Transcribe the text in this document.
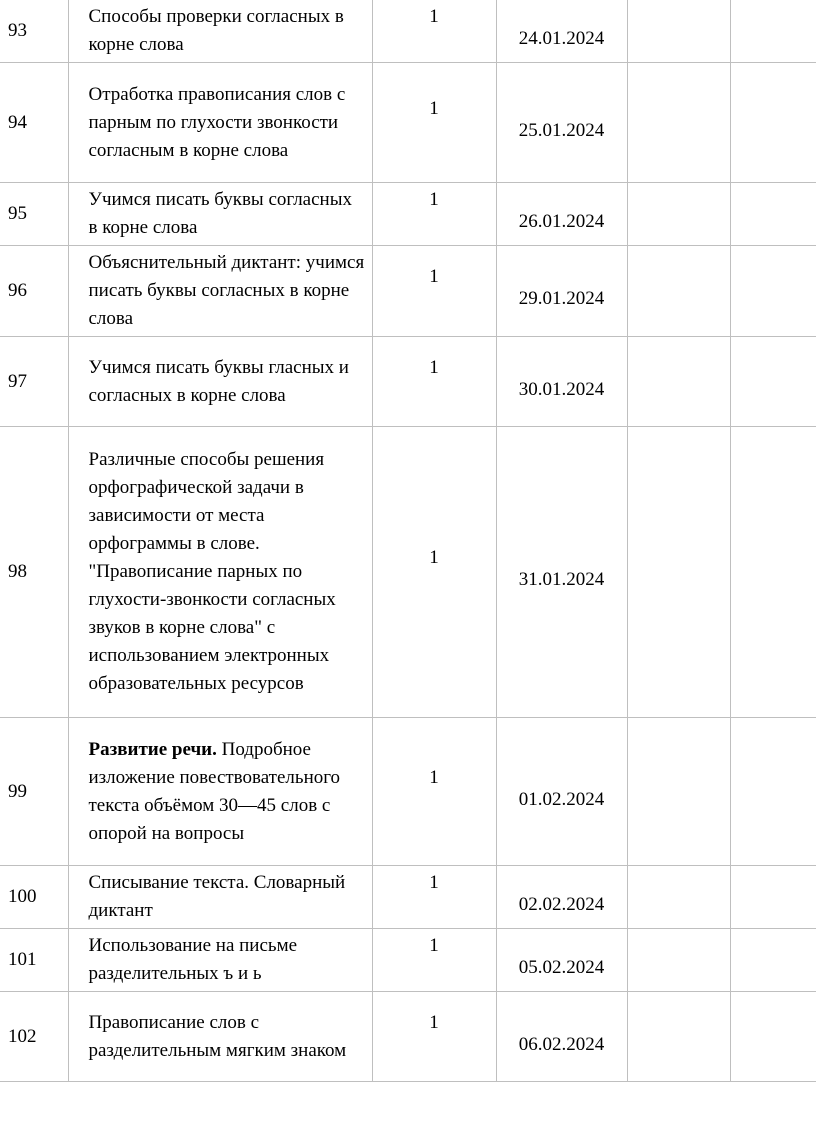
93	Способы проверки согласных в корне слова	1	24.01.2024		
94	Отработка правописания слов с парным по глухости звонкости согласным в корне слова	1	25.01.2024		
95	Учимся писать буквы согласных в корне слова	1	26.01.2024		
96	Объяснительный диктант: учимся писать буквы согласных в корне слова	1	29.01.2024		
97	Учимся писать буквы гласных и согласных в корне слова	1	30.01.2024		
98	Различные способы решения орфографической задачи в зависимости от места орфограммы в слове. "Правописание парных по глухости-звонкости согласных звуков в корне слова" с использованием электронных образовательных ресурсов	1	31.01.2024		
99	Развитие речи. Подробное изложение повествовательного текста объёмом 30—45 слов с опорой на вопросы	1	01.02.2024		
100	Списывание текста. Словарный диктант	1	02.02.2024		
101	Использование на письме разделительных ъ и ь	1	05.02.2024		
102	Правописание слов с разделительным мягким знаком	1	06.02.2024		
